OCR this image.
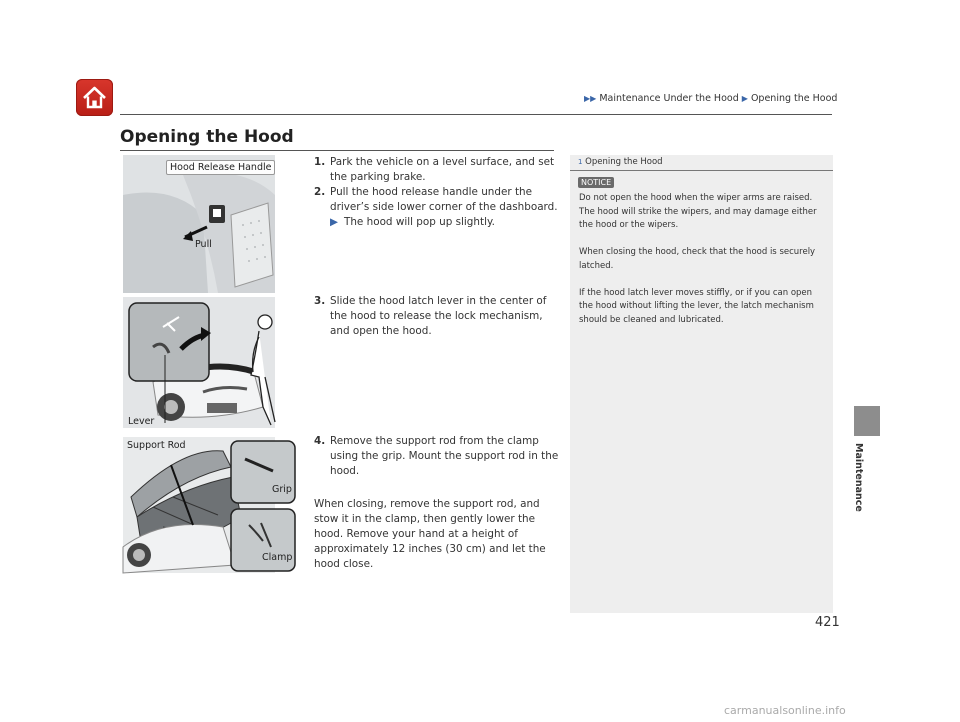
▶▶ Maintenance Under the Hood ▶ Opening the Hood
Opening the Hood
Hood Release Handle
Pull
Lever
Support Rod
Grip
Clamp
1. Park the vehicle on a level surface, and set the parking brake.
2. Pull the hood release handle under the driver’s side lower corner of the dashboard.
▶ The hood will pop up slightly.
3. Slide the hood latch lever in the center of the hood to release the lock mechanism, and open the hood.
4. Remove the support rod from the clamp using the grip. Mount the support rod in the hood.
When closing, remove the support rod, and stow it in the clamp, then gently lower the hood. Remove your hand at a height of approximately 12 inches (30 cm) and let the hood close.
1 Opening the Hood
NOTICE

Do not open the hood when the wiper arms are raised.
The hood will strike the wipers, and may damage either the hood or the wipers.

When closing the hood, check that the hood is securely latched.

If the hood latch lever moves stiffly, or if you can open the hood without lifting the lever, the latch mechanism should be cleaned and lubricated.

Maintenance
421
carmanualsonline.info
